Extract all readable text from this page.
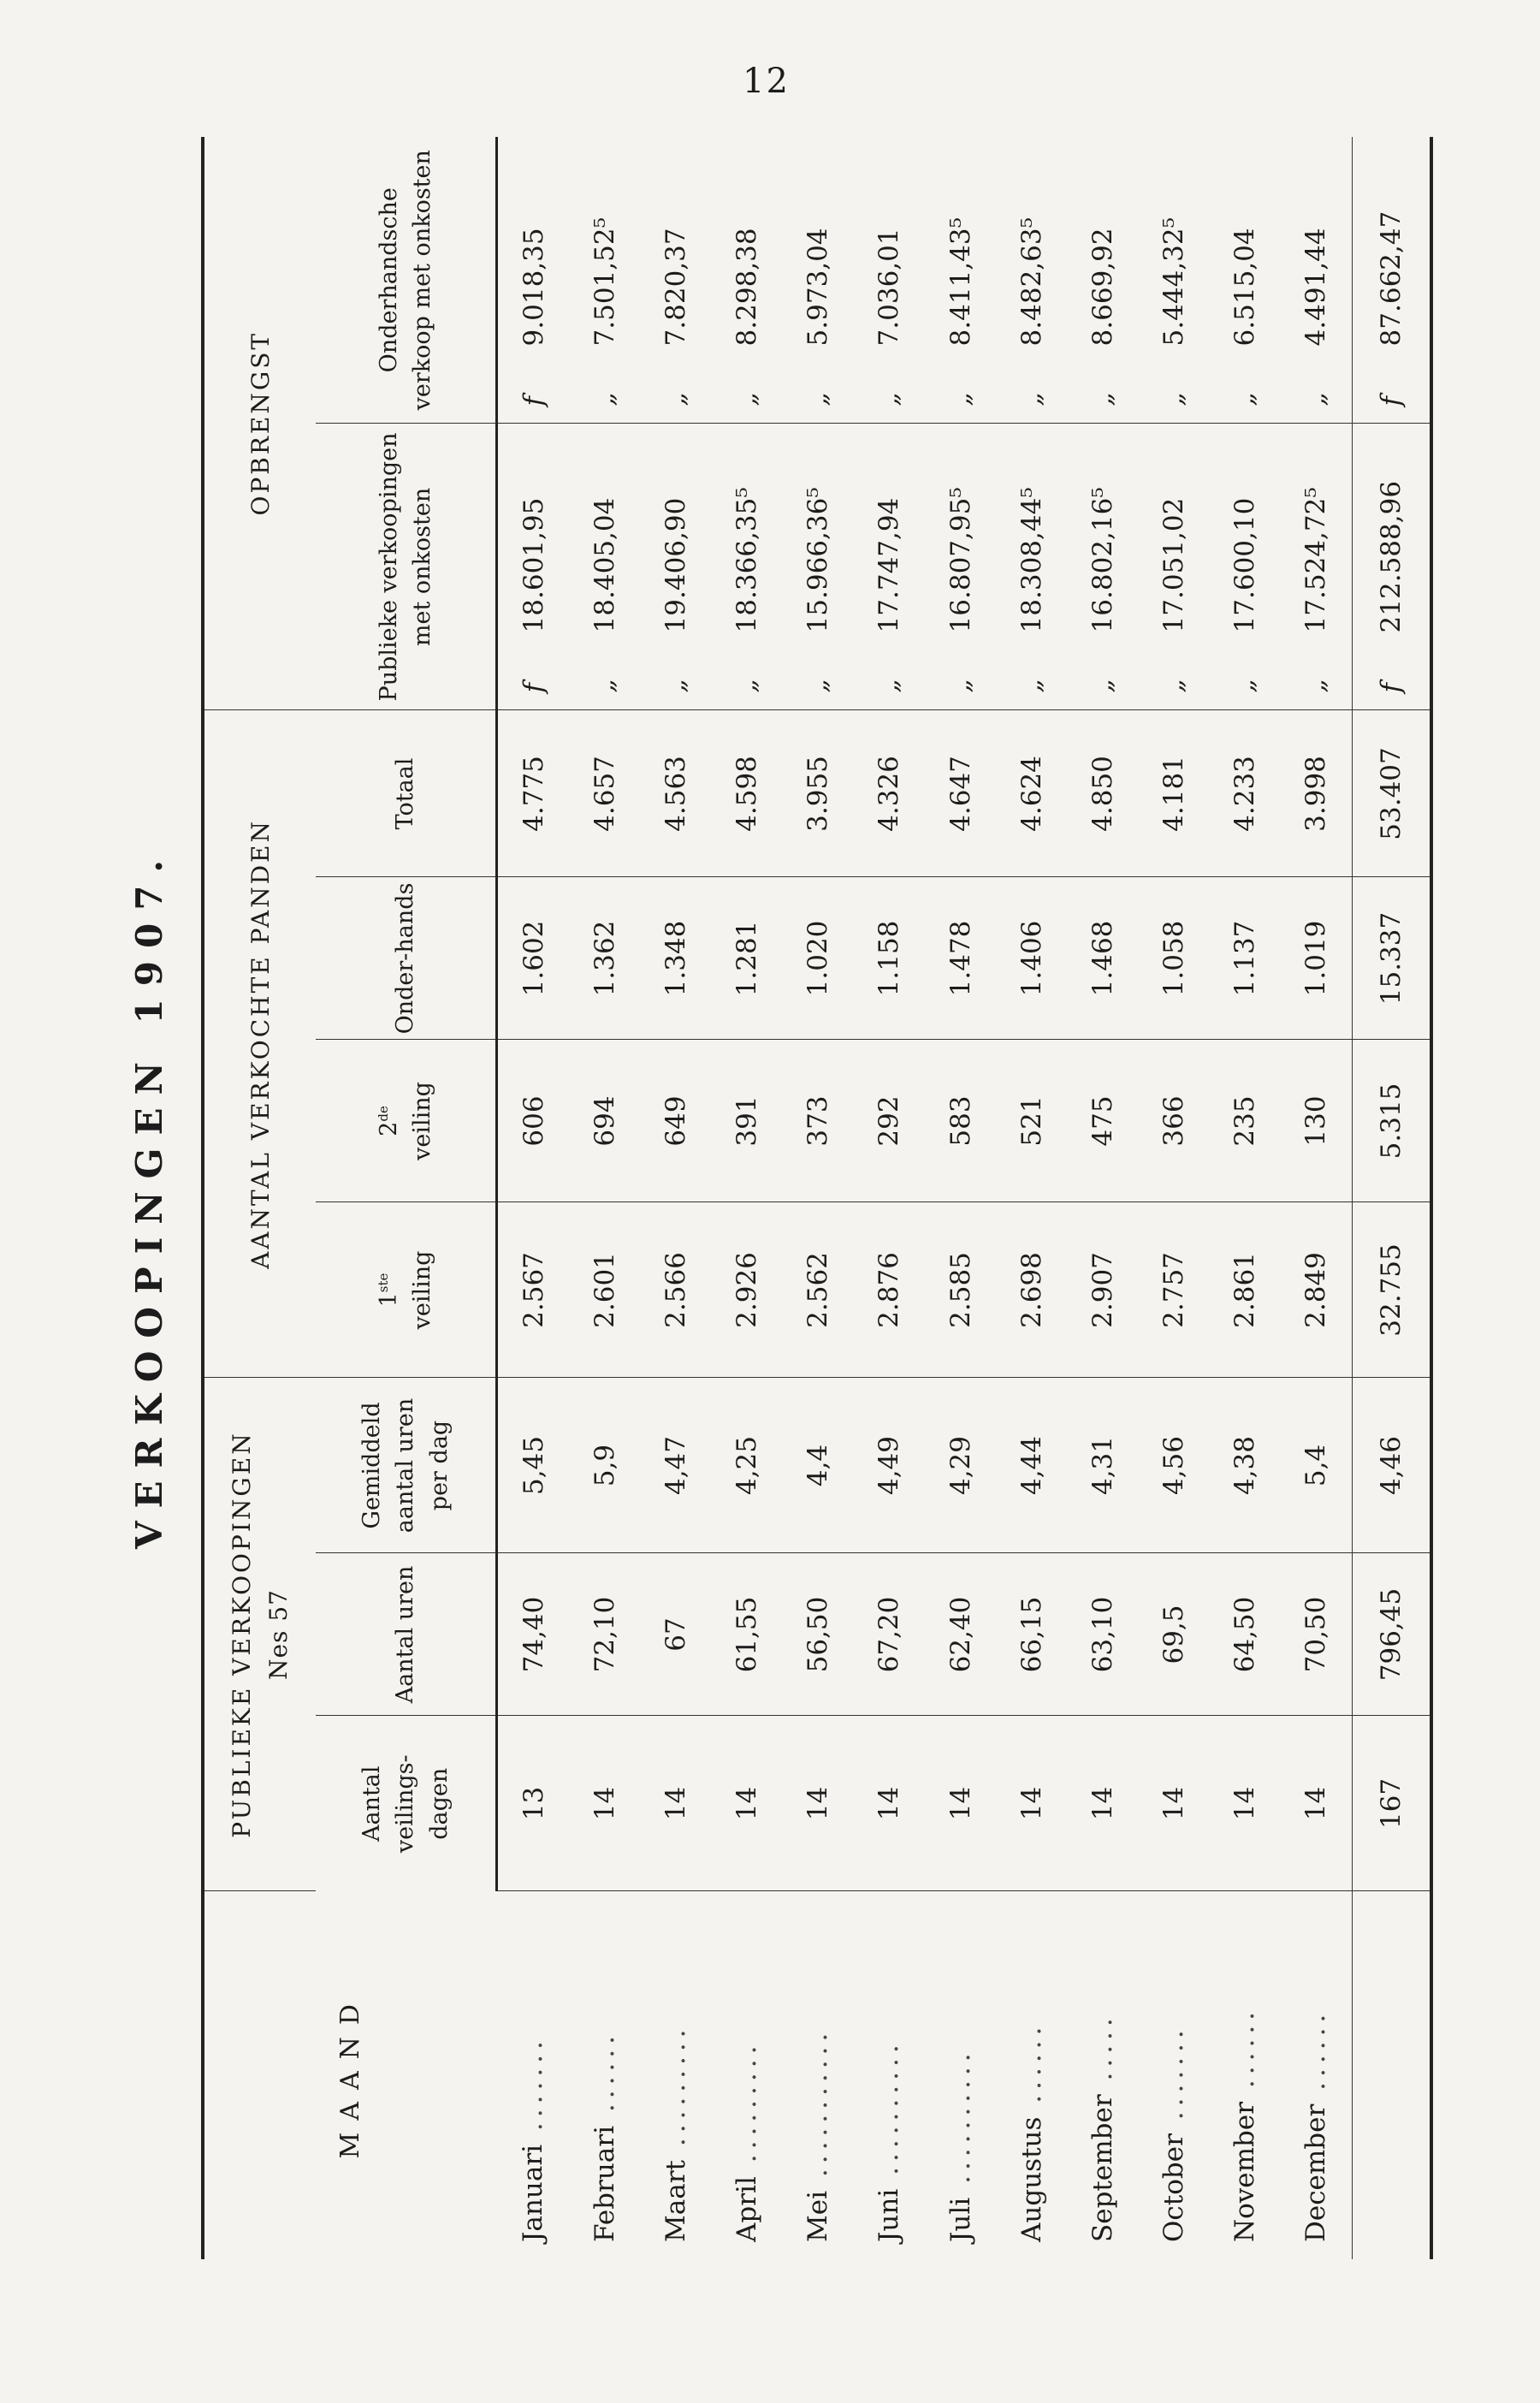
12
VERKOOPINGEN 1907.
MAAND	PUBLIEKE VERKOOPINGEN Nes 57			AANTAL VERKOCHTE PANDEN				OPBRENGST	
	Aantal veilings-dagen	Aantal uren	Gemiddeld aantal uren per dag	1ste veiling	2de veiling	Onder-hands	Totaal	Publieke verkoopingen met onkosten	Onderhandsche verkoop met onkosten
Januari .......	13	74,40	5,45	2.567	606	1.602	4.775	f18.601,95	f9.018,35
Februari ......	14	72,10	5,9	2.601	694	1.362	4.657	„18.405,04	„7.501,52⁵
Maart .........	14	67	4,47	2.566	649	1.348	4.563	„19.406,90	„7.820,37
April .........	14	61,55	4,25	2.926	391	1.281	4.598	„18.366,35⁵	„8.298,38
Mei ...........	14	56,50	4,4	2.562	373	1.020	3.955	„15.966,36⁵	„5.973,04
Juni ..........	14	67,20	4,49	2.876	292	1.158	4.326	„17.747,94	„7.036,01
Juli ..........	14	62,40	4,29	2.585	583	1.478	4.647	„16.807,95⁵	„8.411,43⁵
Augustus ......	14	66,15	4,44	2.698	521	1.406	4.624	„18.308,44⁵	„8.482,63⁵
September .....	14	63,10	4,31	2.907	475	1.468	4.850	„16.802,16⁵	„8.669,92
October .......	14	69,5	4,56	2.757	366	1.058	4.181	„17.051,02	„5.444,32⁵
November ......	14	64,50	4,38	2.861	235	1.137	4.233	„17.600,10	„6.515,04
December ......	14	70,50	5,4	2.849	130	1.019	3.998	„17.524,72⁵	„4.491,44
	167	796,45	4,46	32.755	5.315	15.337	53.407	f212.588,96	f87.662,47
